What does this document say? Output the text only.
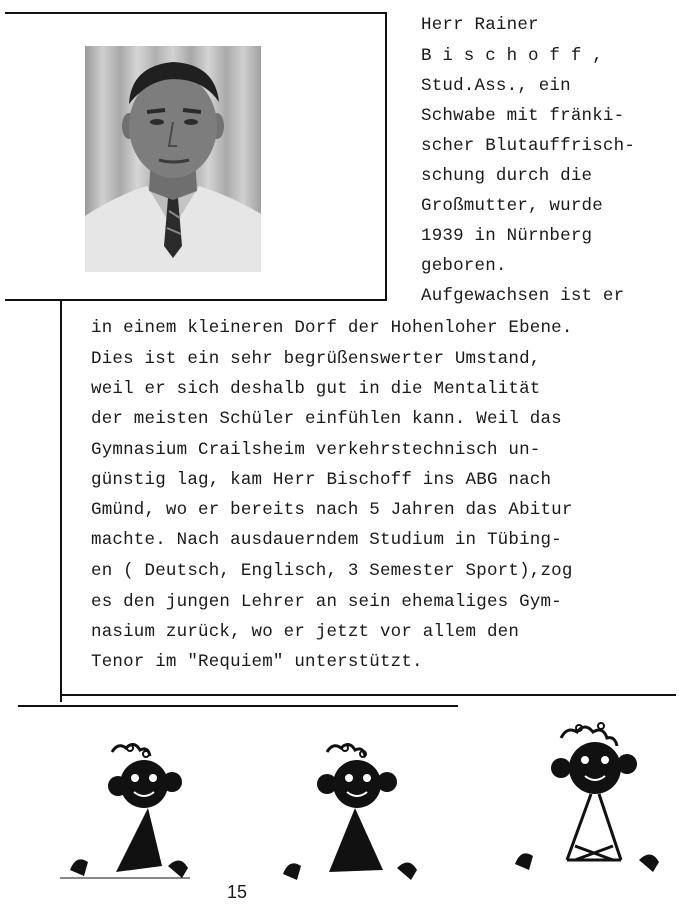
Herr Rainer
B i s c h o f f ,
Stud.Ass., ein
Schwabe mit fränki-
scher Blutauffrisch-
schung durch die
Großmutter, wurde
1939 in Nürnberg
geboren.
Aufgewachsen ist er
in einem kleineren Dorf der Hohenloher Ebene.
Dies ist ein sehr begrüßenswerter Umstand,
weil er sich deshalb gut in die Mentalität
der meisten Schüler einfühlen kann. Weil das
Gymnasium Crailsheim verkehrstechnisch un-
günstig lag, kam Herr Bischoff ins ABG nach
Gmünd, wo er bereits nach 5 Jahren das Abitur
machte. Nach ausdauerndem Studium in Tübing-
en ( Deutsch, Englisch, 3 Semester Sport),zog
es den jungen Lehrer an sein ehemaliges Gym-
nasium zurück, wo er jetzt vor allem den
Tenor im "Requiem" unterstützt.
15
